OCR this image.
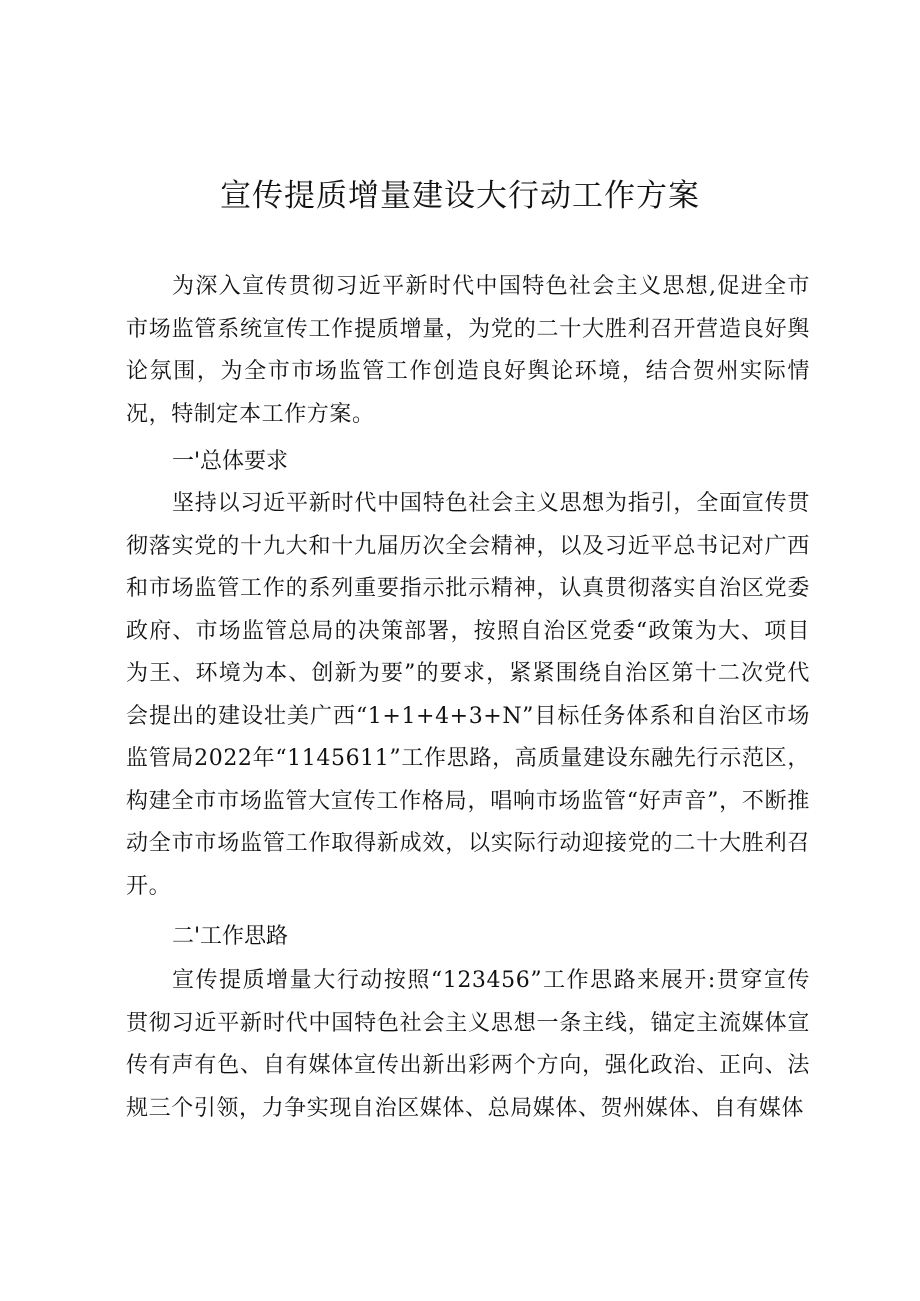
宣传提质增量建设大行动工作方案

为深入宣传贯彻习近平新时代中国特色社会主义思想,促进全市市场监管系统宣传工作提质增量，为党的二十大胜利召开营造良好舆论氛围，为全市市场监管工作创造良好舆论环境，结合贺州实际情况，特制定本工作方案。

一'总体要求

坚持以习近平新时代中国特色社会主义思想为指引，全面宣传贯彻落实党的十九大和十九届历次全会精神，以及习近平总书记对广西和市场监管工作的系列重要指示批示精神，认真贯彻落实自治区党委政府、市场监管总局的决策部署，按照自治区党委“政策为大、项目为王、环境为本、创新为要”的要求，紧紧围绕自治区第十二次党代会提出的建设壮美广西“1+1+4+3+N”目标任务体系和自治区市场监管局2022年“1145611”工作思路，高质量建设东融先行示范区，构建全市市场监管大宣传工作格局，唱响市场监管“好声音”，不断推动全市市场监管工作取得新成效，以实际行动迎接党的二十大胜利召开。

二'工作思路

宣传提质增量大行动按照“123456”工作思路来展开:贯穿宣传贯彻习近平新时代中国特色社会主义思想一条主线，锚定主流媒体宣传有声有色、自有媒体宣传出新出彩两个方向，强化政治、正向、法规三个引领，力争实现自治区媒体、总局媒体、贺州媒体、自有媒体
